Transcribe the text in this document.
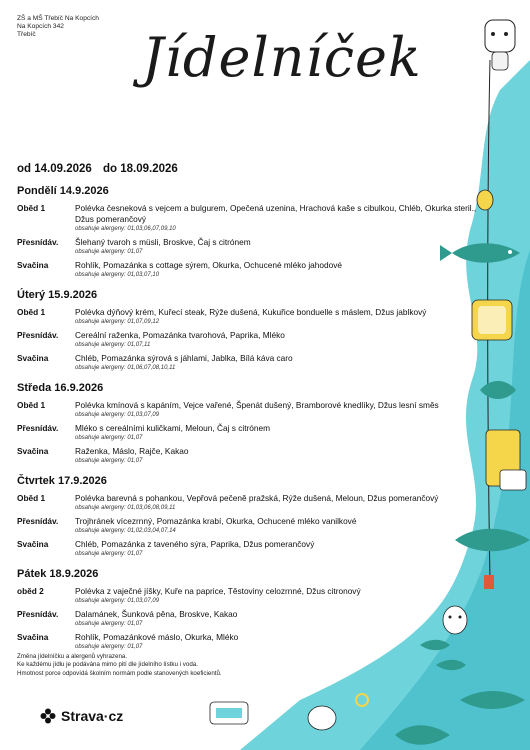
ZŠ a MŠ Třebíč Na Kopcích
Na Kopcích 342
Třebíč	Jídelníček
od 14.09.2026 do 18.09.2026
Pondělí 14.9.2026
Oběd 1	Polévka česneková s vejcem a bulgurem, Opečená uzenina, Hrachová kaše s cibulkou, Chléb, Okurka steril., Džus pomerančový
obsahuje alergeny: 01,03,06,07,09,10
Přesnídáv.	Šlehaný tvaroh s müsli, Broskve, Čaj s citrónem
obsahuje alergeny: 01,07
Svačina	Rohlík, Pomazánka s cottage sýrem, Okurka, Ochucené mléko jahodové
obsahuje alergeny: 01,03,07,10
Úterý 15.9.2026
Oběd 1	Polévka dýňový krém, Kuřecí steak, Rýže dušená, Kukuřice bonduelle s máslem, Džus jablkový
obsahuje alergeny: 01,07,09,12
Přesnídáv.	Cereální raženka, Pomazánka tvarohová, Paprika, Mléko
obsahuje alergeny: 01,07,11
Svačina	Chléb, Pomazánka sýrová s jáhlami, Jablka, Bílá káva caro
obsahuje alergeny: 01,06,07,08,10,11
Středa 16.9.2026
Oběd 1	Polévka kmínová s kapáním, Vejce vařené, Špenát dušený, Bramborové knedlíky, Džus lesní směs
obsahuje alergeny: 01,03,07,09
Přesnídáv.	Mléko s cereálními kuličkami, Meloun, Čaj s citrónem
obsahuje alergeny: 01,07
Svačina	Raženka, Máslo, Rajče, Kakao
obsahuje alergeny: 01,07
Čtvrtek 17.9.2026
Oběd 1	Polévka barevná s pohankou, Vepřová pečeně pražská, Rýže dušená, Meloun, Džus pomerančový
obsahuje alergeny: 01,03,06,08,09,11
Přesnídáv.	Trojhránek vícezrnný, Pomazánka krabí, Okurka, Ochucené mléko vanilkové
obsahuje alergeny: 01,02,03,04,07,14
Svačina	Chléb, Pomazánka z taveného sýra, Paprika, Džus pomerančový
obsahuje alergeny: 01,07
Pátek 18.9.2026
oběd 2	Polévka z vaječné jíšky, Kuře na paprice, Těstoviny celozrnné, Džus citronový
obsahuje alergeny: 01,03,07,09
Přesnídáv.	Dalamánek, Šunková pěna, Broskve, Kakao
obsahuje alergeny: 01,07
Svačina	Rohlík, Pomazánkové máslo, Okurka, Mléko
obsahuje alergeny: 01,07
Změna jídelníčku a alergenů vyhrazena.
Ke každému jídlu je podávána mimo pití dle jídelního lístku i voda.
Hmotnost porce odpovídá školním normám podle stanovených koeficientů.
Strava·cz
